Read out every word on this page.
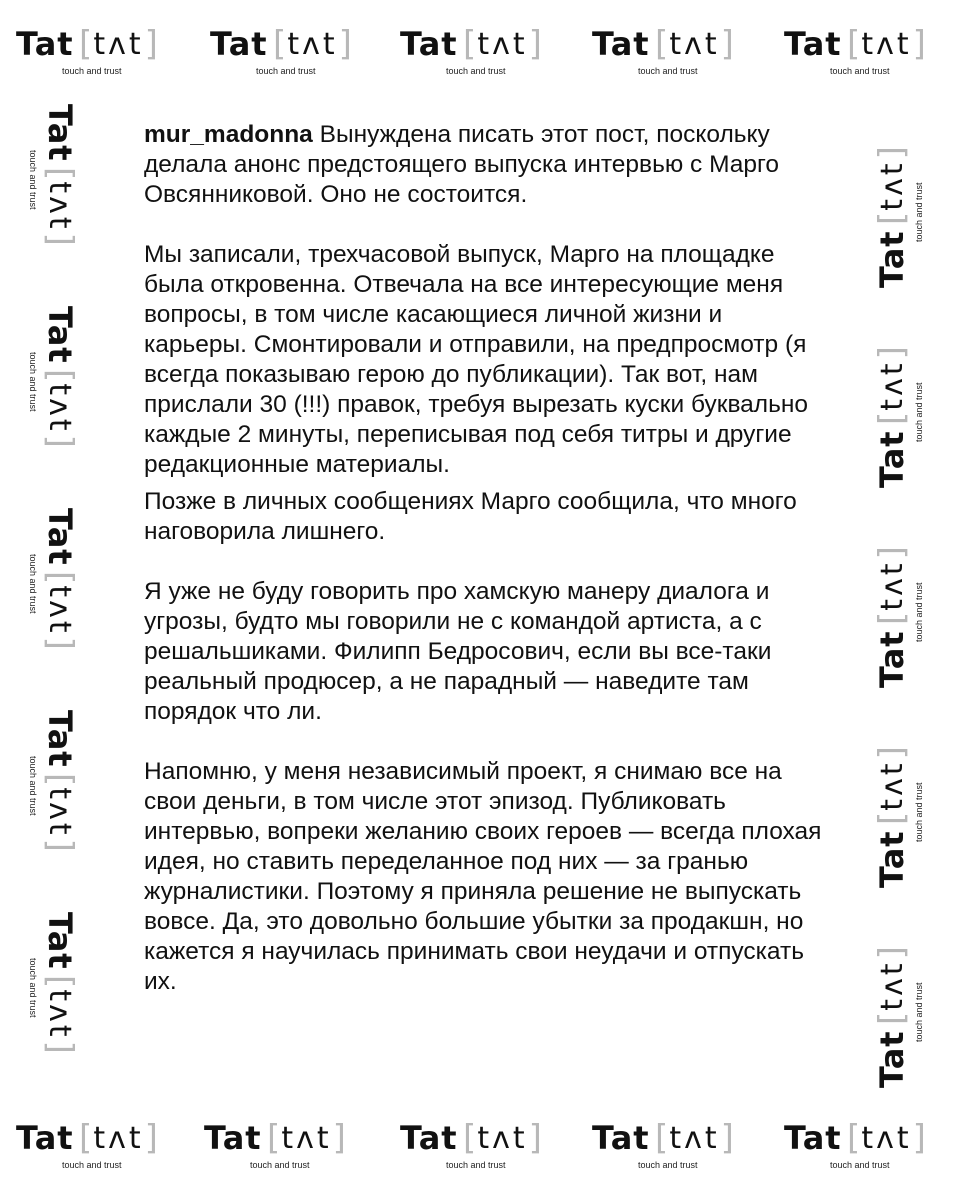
Tat
[ tʌt ]
touch and trust
Tat
[ tʌt ]
touch and trust
Tat
[ tʌt ]
touch and trust
Tat
[ tʌt ]
touch and trust
Tat
[ tʌt ]
touch and trust
Tat
[ tʌt ]
touch and trust
Tat
[ tʌt ]
touch and trust
Tat
[ tʌt ]
touch and trust
Tat
[ tʌt ]
touch and trust
Tat
[ tʌt ]
touch and trust
Tat

[
tʌt
]
touch and trust
Tat

[
tʌt
]
touch and trust
Tat

[
tʌt
]
touch and trust
Tat

[
tʌt
]
touch and trust
Tat

[
tʌt
]
touch and trust
Tat

[
tʌt
]
touch and trust
Tat

[
tʌt
]
touch and trust
Tat

[
tʌt
]
touch and trust
Tat

[
tʌt
]
touch and trust
Tat

[
tʌt
]
touch and trust

mur_madonna Вынуждена писать этот пост, поскольку делала анонс предстоящего выпуска интервью с Марго Овсянниковой. Оно не состоится.

Мы записали, трехчасовой выпуск, Марго на площадке была откровенна. Отвечала на все интересующие меня вопросы, в том числе касающиеся личной жизни и карьеры. Смонтировали и отправили, на предпросмотр (я всегда показываю герою до публикации). Так вот, нам прислали 30 (!!!) правок, требуя вырезать куски буквально каждые 2 минуты, переписывая под себя титры и другие редакционные материалы.

Позже в личных сообщениях Марго сообщила, что много наговорила лишнего.

Я уже не буду говорить про хамскую манеру диалога и угрозы, будто мы говорили не с командой артиста, а с решальшиками. Филипп Бедросович, если вы все-таки реальный продюсер, а не парадный — наведите там порядок что ли.

Напомню, у меня независимый проект, я снимаю все на свои деньги, в том числе этот эпизод. Публиковать интервью, вопреки желанию своих героев — всегда плохая идея, но ставить переделанное под них — за гранью журналистики. Поэтому я приняла решение не выпускать вовсе. Да, это довольно большие убытки за продакшн, но кажется я научилась принимать свои неудачи и отпускать их.
